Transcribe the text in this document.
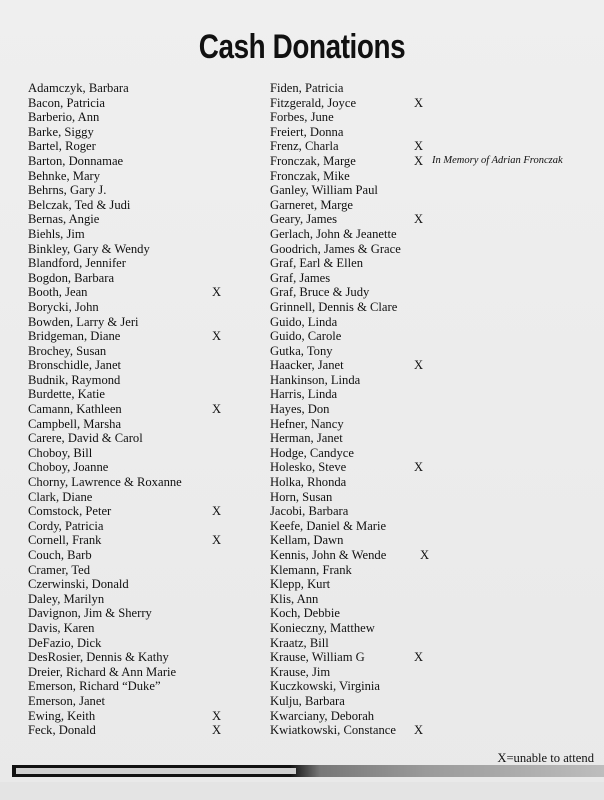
Cash Donations
Adamczyk, Barbara
Bacon, Patricia
Barberio, Ann
Barke, Siggy
Bartel, Roger
Barton, Donnamae
Behnke, Mary
Behrns, Gary J.
Belczak, Ted & Judi
Bernas, Angie
Biehls, Jim
Binkley, Gary & Wendy
Blandford, Jennifer
Bogdon, Barbara
Booth, Jean	X
Borycki, John
Bowden, Larry & Jeri
Bridgeman, Diane	X
Brochey, Susan
Bronschidle, Janet
Budnik, Raymond
Burdette, Katie
Camann, Kathleen	X
Campbell, Marsha
Carere, David & Carol
Choboy, Bill
Choboy, Joanne
Chorny, Lawrence & Roxanne
Clark, Diane
Comstock, Peter	X
Cordy, Patricia
Cornell, Frank	X
Couch, Barb
Cramer, Ted
Czerwinski, Donald
Daley, Marilyn
Davignon, Jim & Sherry
Davis, Karen
DeFazio, Dick
DesRosier, Dennis & Kathy
Dreier, Richard & Ann Marie
Emerson, Richard “Duke”
Emerson, Janet
Ewing, Keith	X
Feck, Donald	X
Fiden, Patricia
Fitzgerald, Joyce	X
Forbes, June
Freiert, Donna
Frenz, Charla	X
Fronczak, Marge	X In Memory of Adrian Fronczak
Fronczak, Mike
Ganley, William Paul
Garneret, Marge
Geary, James	X
Gerlach, John & Jeanette
Goodrich, James & Grace
Graf, Earl & Ellen
Graf, James
Graf, Bruce & Judy
Grinnell, Dennis & Clare
Guido, Linda
Guido, Carole
Gutka, Tony
Haacker, Janet	X
Hankinson, Linda
Harris, Linda
Hayes, Don
Hefner, Nancy
Herman, Janet
Hodge, Candyce
Holesko, Steve	X
Holka, Rhonda
Horn, Susan
Jacobi, Barbara
Keefe, Daniel & Marie
Kellam, Dawn
Kennis, John & Wende	X
Klemann, Frank
Klepp, Kurt
Klis, Ann
Koch, Debbie
Konieczny, Matthew
Kraatz, Bill
Krause, William G	X
Krause, Jim
Kuczkowski, Virginia
Kulju, Barbara
Kwarciany, Deborah
Kwiatkowski, Constance X
X=unable to attend
